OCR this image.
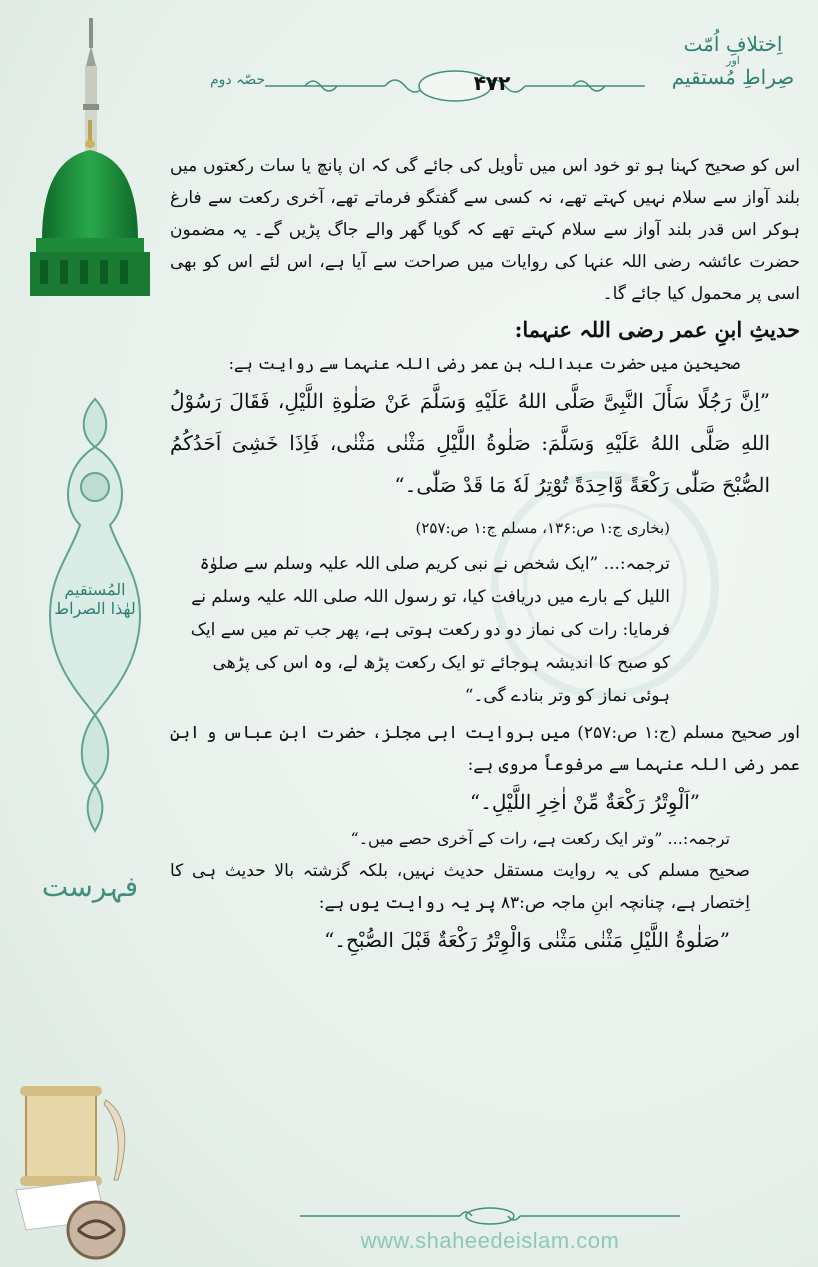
المُستقیم
لھٰذا الصراط
فہرست
اِختلافِ اُمّت
اور
صِراطِ مُستقیم
حصّہ دوم	۴۷۲

اس کو صحیح کہنا ہو تو خود اس میں تأویل کی جائے گی کہ ان پانچ یا سات رکعتوں میں بلند آواز سے سلام نہیں کہتے تھے، نہ کسی سے گفتگو فرماتے تھے، آخری رکعت سے فارغ ہوکر اس قدر بلند آواز سے سلام کہتے تھے کہ گویا گھر والے جاگ پڑیں گے۔ یہ مضمون حضرت عائشہ رضی اللہ عنہا کی روایات میں صراحت سے آیا ہے، اس لئے اس کو بھی اسی پر محمول کیا جائے گا۔

حدیثِ ابنِ عمر رضی اللہ عنہما:

صحیحین میں حضرت عبداللہ بن عمر رضی اللہ عنہما سے روایت ہے:

”اِنَّ رَجُلًا سَأَلَ النَّبِیَّ صَلَّی اللهُ عَلَیْهِ وَسَلَّمَ عَنْ صَلٰوةِ اللَّیْلِ، فَقَالَ رَسُوْلُ اللهِ صَلَّی اللهُ عَلَیْهِ وَسَلَّمَ: صَلٰوةُ اللَّیْلِ مَثْنٰی مَثْنٰی، فَاِذَا خَشِیَ اَحَدُكُمُ الصُّبْحَ صَلّٰی رَكْعَةً وَّاحِدَةً تُوْتِرُ لَهٗ مَا قَدْ صَلّٰی۔“

(بخاری ج:۱ ص:۱۳۶، مسلم ج:۱ ص:۲۵۷)

ترجمہ:... ”ایک شخص نے نبی کریم صلی اللہ علیہ وسلم سے صلوٰۃ اللیل کے بارے میں دریافت کیا، تو رسول اللہ صلی اللہ علیہ وسلم نے فرمایا: رات کی نماز دو دو رکعت ہوتی ہے، پھر جب تم میں سے ایک کو صبح کا اندیشہ ہوجائے تو ایک رکعت پڑھ لے، وہ اس کی پڑھی ہوئی نماز کو وتر بنادے گی۔“

اور صحیح مسلم (ج:۱ ص:۲۵۷) میں بروایت ابی مجلز، حضرت ابنِ عباس و ابنِ عمر رضی اللہ عنہما سے مرفوعاً مروی ہے:

”اَلْوِتْرُ رَكْعَةٌ مِّنْ اٰخِرِ اللَّیْلِ۔“

ترجمہ:... ”وتر ایک رکعت ہے، رات کے آخری حصے میں۔“

صحیح مسلم کی یہ روایت مستقل حدیث نہیں، بلکہ گزشتہ بالا حدیث ہی کا اِختصار ہے، چنانچہ ابنِ ماجہ ص:۸۳ پر یہ روایت یوں ہے:

”صَلٰوةُ اللَّیْلِ مَثْنٰی مَثْنٰی وَالْوِتْرُ رَكْعَةٌ قَبْلَ الصُّبْحِ۔“

www.shaheedeislam.com
